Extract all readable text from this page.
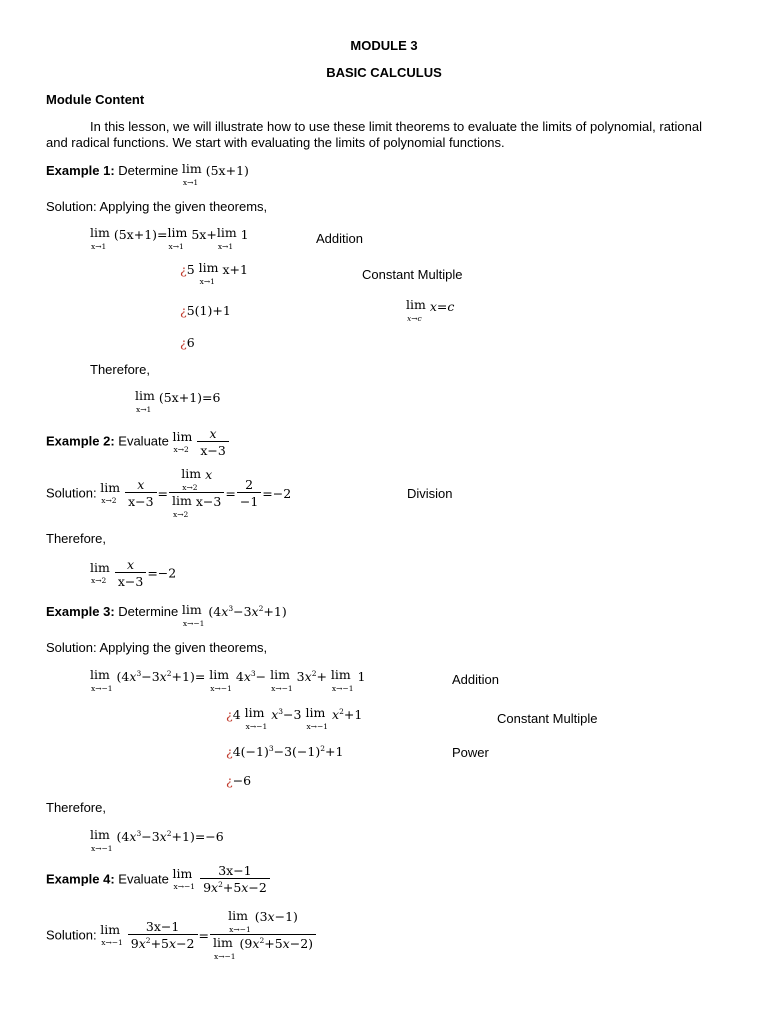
MODULE 3
BASIC CALCULUS
Module Content
In this lesson, we will illustrate how to use these limit theorems to evaluate the limits of polynomial, rational and radical functions. We start with evaluating the limits of polynomial functions.
Example 1: Determine lim
x→1
(5x+1)
Solution: Applying the given theorems,
lim
x→1
(5x+1)= lim
x→1
5x+ lim
x→1
1	Addition
¿5 lim
x→1
x+1	Constant Multiple
¿5(1)+1	lim
x→c
x=c
¿6
Therefore,
lim
x→1
(5x+1)=6
Example 2: Evaluate lim
x→2
$\frac{x}{x-3}$
Solution: lim
x→2
$\frac{x}{x-3} = \lim$
x→2
x
lim
x→2
$x-3 = \frac{2}{-1} =-2$	Division
Therefore,
lim
x→2
$\frac{x}{x-3} =-2$
Example 3: Determine lim
x→−1
$(4x^3-3x^2+1)$
Solution: Applying the given theorems,
lim
x→−1
$(4x^3-3x^2+1)= \lim$
x→−1
$4x^3- \lim$
x→−1
$3x^2+ \lim$
x→−1
1	Addition
¿4 lim
x→−1
$x^3-3$ lim
x→−1
$x^2+1$	Constant Multiple
¿$4(-1)^3-3(-1)^2+1$	Power
¿−6
Therefore,
lim
x→−1
$(4x^3-3x^2+1)=-6$
Example 4: Evaluate lim
x→−1
$\frac{3x-1}{9x^2+5x-2}$
Solution: lim
x→−1
$\frac{3x-1}{9x^2+5x-2} = \lim$
x→−1
(3x−1)
lim
x→−1
$(9x^2+5x-2)$
